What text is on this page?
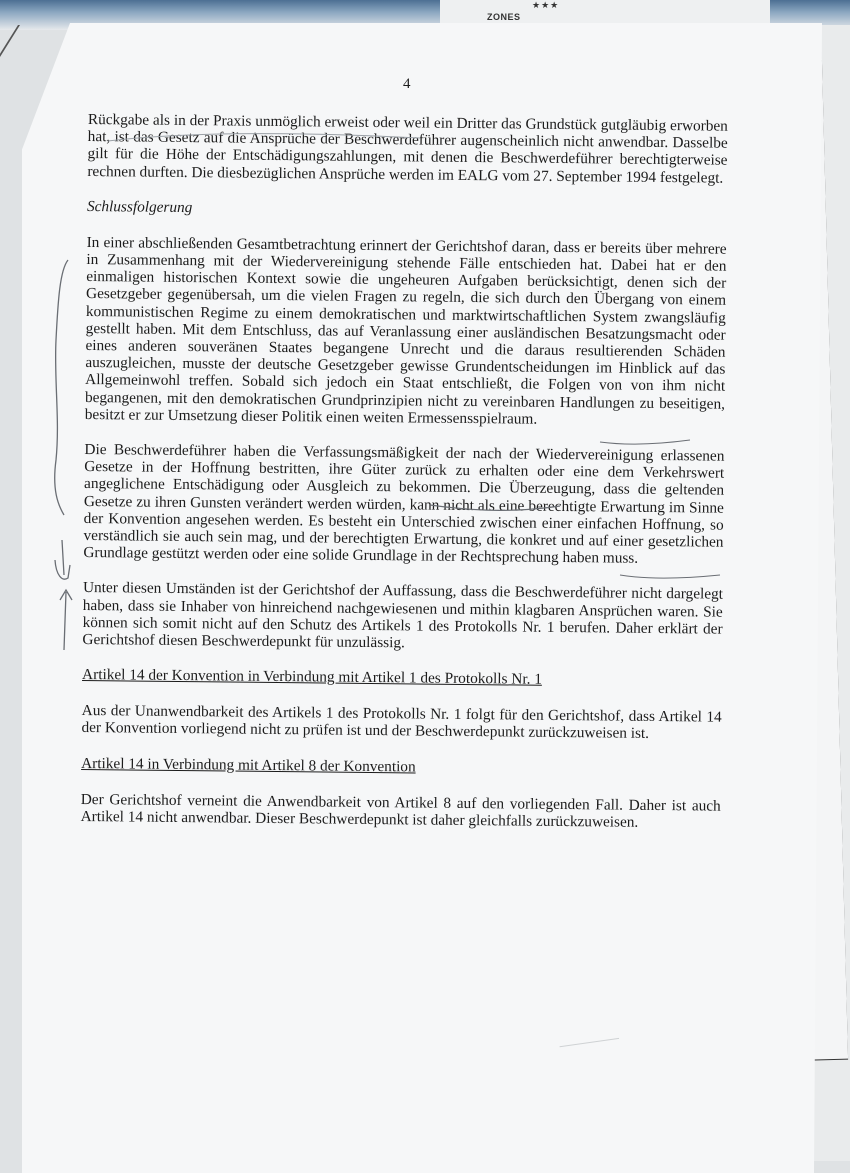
★★★
ZONES
4

Rückgabe als in der Praxis unmöglich erweist oder weil ein Dritter das Grundstück gutgläubig erworben hat, ist das Gesetz auf die Ansprüche der Beschwerdeführer augenscheinlich nicht anwendbar. Dasselbe gilt für die Höhe der Entschädigungszahlungen, mit denen die Beschwerdeführer berechtigterweise rechnen durften. Die diesbezüglichen Ansprüche werden im EALG vom 27. September 1994 festgelegt.

Schlussfolgerung

In einer abschließenden Gesamtbetrachtung erinnert der Gerichtshof daran, dass er bereits über mehrere in Zusammenhang mit der Wiedervereinigung stehende Fälle entschieden hat. Dabei hat er den einmaligen historischen Kontext sowie die ungeheuren Aufgaben berücksichtigt, denen sich der Gesetzgeber gegenübersah, um die vielen Fragen zu regeln, die sich durch den Übergang von einem kommunistischen Regime zu einem demokratischen und marktwirtschaftlichen System zwangsläufig gestellt haben. Mit dem Entschluss, das auf Veranlassung einer ausländischen Besatzungsmacht oder eines anderen souveränen Staates begangene Unrecht und die daraus resultierenden Schäden auszugleichen, musste der deutsche Gesetzgeber gewisse Grundentscheidungen im Hinblick auf das Allgemeinwohl treffen. Sobald sich jedoch ein Staat entschließt, die Folgen von von ihm nicht begangenen, mit den demokratischen Grundprinzipien nicht zu vereinbaren Handlungen zu beseitigen, besitzt er zur Umsetzung dieser Politik einen weiten Ermessensspielraum.

Die Beschwerdeführer haben die Verfassungsmäßigkeit der nach der Wiedervereinigung erlassenen Gesetze in der Hoffnung bestritten, ihre Güter zurück zu erhalten oder eine dem Verkehrswert angeglichene Entschädigung oder Ausgleich zu bekommen. Die Überzeugung, dass die geltenden Gesetze zu ihren Gunsten verändert werden würden, kann nicht als eine berechtigte Erwartung im Sinne der Konvention angesehen werden. Es besteht ein Unterschied zwischen einer einfachen Hoffnung, so verständlich sie auch sein mag, und der berechtigten Erwartung, die konkret und auf einer gesetzlichen Grundlage gestützt werden oder eine solide Grundlage in der Rechtsprechung haben muss.

Unter diesen Umständen ist der Gerichtshof der Auffassung, dass die Beschwerdeführer nicht dargelegt haben, dass sie Inhaber von hinreichend nachgewiesenen und mithin klagbaren Ansprüchen waren. Sie können sich somit nicht auf den Schutz des Artikels 1 des Protokolls Nr. 1 berufen. Daher erklärt der Gerichtshof diesen Beschwerdepunkt für unzulässig.

Artikel 14 der Konvention in Verbindung mit Artikel 1 des Protokolls Nr. 1

Aus der Unanwendbarkeit des Artikels 1 des Protokolls Nr. 1 folgt für den Gerichtshof, dass Artikel 14 der Konvention vorliegend nicht zu prüfen ist und der Beschwerdepunkt zurückzuweisen ist.

Artikel 14 in Verbindung mit Artikel 8 der Konvention

Der Gerichtshof verneint die Anwendbarkeit von Artikel 8 auf den vorliegenden Fall. Daher ist auch Artikel 14 nicht anwendbar. Dieser Beschwerdepunkt ist daher gleichfalls zurückzuweisen.
